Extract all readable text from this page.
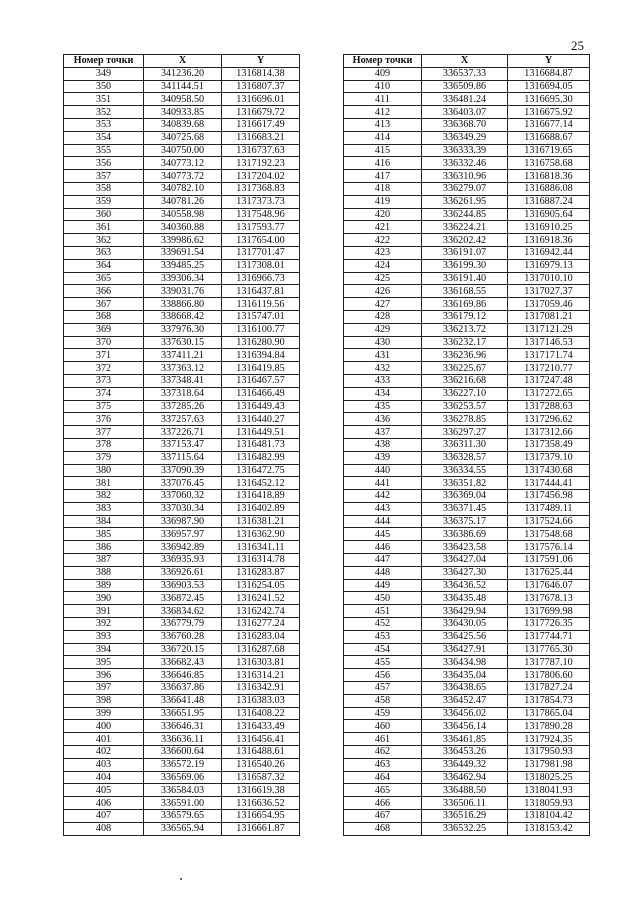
25
Номер точки	X	Y
349	341236.20	1316814.38
350	341144.51	1316807.37
351	340958.50	1316696.01
352	340933.85	1316679.72
353	340839.68	1316617.49
354	340725.68	1316683.21
355	340750.00	1316737.63
356	340773.12	1317192.23
357	340773.72	1317204.02
358	340782.10	1317368.83
359	340781.26	1317373.73
360	340558.98	1317548.96
361	340360.88	1317593.77
362	339986.62	1317654.00
363	339691.54	1317701.47
364	339485.25	1317308.01
365	339306.34	1316966.73
366	339031.76	1316437.81
367	338866.80	1316119.56
368	338668.42	1315747.01
369	337976.30	1316100.77
370	337630.15	1316280.90
371	337411.21	1316394.84
372	337363.12	1316419.85
373	337348.41	1316467.57
374	337318.64	1316466.49
375	337285.26	1316449.43
376	337257.63	1316440.27
377	337226.71	1316449.51
378	337153.47	1316481.73
379	337115.64	1316482.99
380	337090.39	1316472.75
381	337076.45	1316452.12
382	337060.32	1316418.89
383	337030.34	1316402.89
384	336987.90	1316381.21
385	336957.97	1316362.90
386	336942.89	1316341.11
387	336935.93	1316314.78
388	336926.61	1316283.87
389	336903.53	1316254.05
390	336872.45	1316241.52
391	336834.62	1316242.74
392	336779.79	1316277.24
393	336760.28	1316283.04
394	336720.15	1316287.68
395	336682.43	1316303.81
396	336646.85	1316314.21
397	336637.86	1316342.91
398	336641.48	1316383.03
399	336651.95	1316408.22
400	336646.31	1316433.49
401	336636.11	1316456.41
402	336600.64	1316488.61
403	336572.19	1316540.26
404	336569.06	1316587.32
405	336584.03	1316619.38
406	336591.00	1316636.52
407	336579.65	1316654.95
408	336565.94	1316661.87
Номер точки	X	Y
409	336537.33	1316684.87
410	336509.86	1316694.05
411	336481.24	1316695.30
412	336403.07	1316675.92
413	336368.70	1316677.14
414	336349.29	1316688.67
415	336333.39	1316719.65
416	336332.46	1316758.68
417	336310.96	1316818.36
418	336279.07	1316886.08
419	336261.95	1316887.24
420	336244.85	1316905.64
421	336224.21	1316910.25
422	336202.42	1316918.36
423	336191.07	1316942.44
424	336199.30	1316979.13
425	336191.40	1317010.10
426	336168.55	1317027.37
427	336169.86	1317059.46
428	336179.12	1317081.21
429	336213.72	1317121.29
430	336232.17	1317146.53
431	336236.96	1317171.74
432	336225.67	1317210.77
433	336216.68	1317247.48
434	336227.10	1317272.65
435	336253.57	1317288.63
436	336278.85	1317296.62
437	336297.27	1317312.66
438	336311.30	1317358.49
439	336328.57	1317379.10
440	336334.55	1317430.68
441	336351.82	1317444.41
442	336369.04	1317456.98
443	336371.45	1317489.11
444	336375.17	1317524.66
445	336386.69	1317548.68
446	336423.58	1317576.14
447	336427.04	1317591.06
448	336427.30	1317625.44
449	336436.52	1317646.07
450	336435.48	1317678.13
451	336429.94	1317699.98
452	336430.05	1317726.35
453	336425.56	1317744.71
454	336427.91	1317765.30
455	336434.98	1317787.10
456	336435.04	1317806.60
457	336438.65	1317827.24
458	336452.47	1317854.73
459	336456.02	1317865.04
460	336456.14	1317890.28
461	336461.85	1317924.35
462	336453.26	1317950.93
463	336449.32	1317981.98
464	336462.94	1318025.25
465	336488.50	1318041.93
466	336506.11	1318059.93
467	336516.29	1318104.42
468	336532.25	1318153.42
